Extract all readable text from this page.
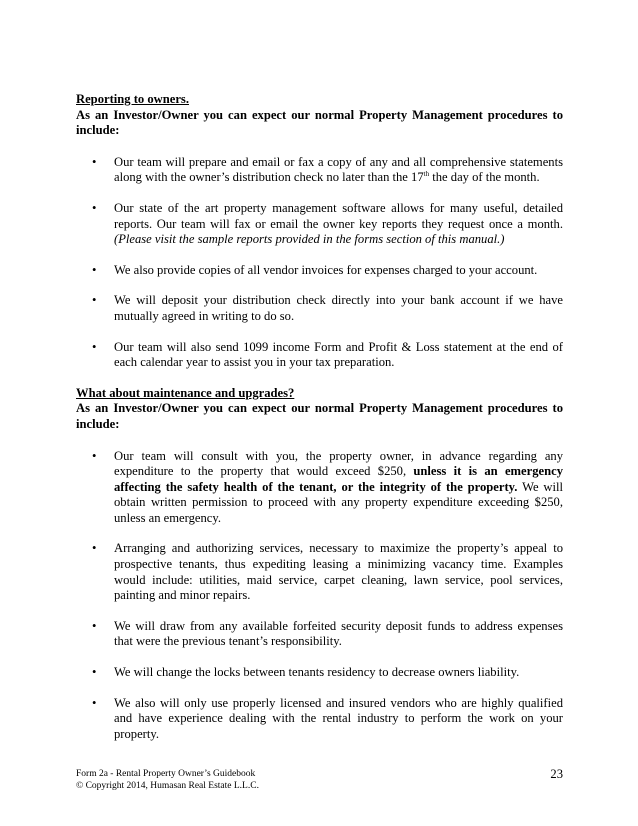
Reporting to owners.

As an Investor/Owner you can expect our normal Property Management procedures to include:

• Our team will prepare and email or fax a copy of any and all comprehensive statements along with the owner’s distribution check no later than the 17th the day of the month.
• Our state of the art property management software allows for many useful, detailed reports. Our team will fax or email the owner key reports they request once a month. (Please visit the sample reports provided in the forms section of this manual.)
• We also provide copies of all vendor invoices for expenses charged to your account.
• We will deposit your distribution check directly into your bank account if we have mutually agreed in writing to do so.
• Our team will also send 1099 income Form and Profit & Loss statement at the end of each calendar year to assist you in your tax preparation.

What about maintenance and upgrades?

As an Investor/Owner you can expect our normal Property Management procedures to include:

• Our team will consult with you, the property owner, in advance regarding any expenditure to the property that would exceed $250, unless it is an emergency affecting the safety health of the tenant, or the integrity of the property. We will obtain written permission to proceed with any property expenditure exceeding $250, unless an emergency.
• Arranging and authorizing services, necessary to maximize the property’s appeal to prospective tenants, thus expediting leasing a minimizing vacancy time. Examples would include: utilities, maid service, carpet cleaning, lawn service, pool services, painting and minor repairs.
• We will draw from any available forfeited security deposit funds to address expenses that were the previous tenant’s responsibility.
• We will change the locks between tenants residency to decrease owners liability.
• We also will only use properly licensed and insured vendors who are highly qualified and have experience dealing with the rental industry to perform the work on your property.
Form 2a - Rental Property Owner’s Guidebook
© Copyright 2014, Humasan Real Estate L.L.C.
23
